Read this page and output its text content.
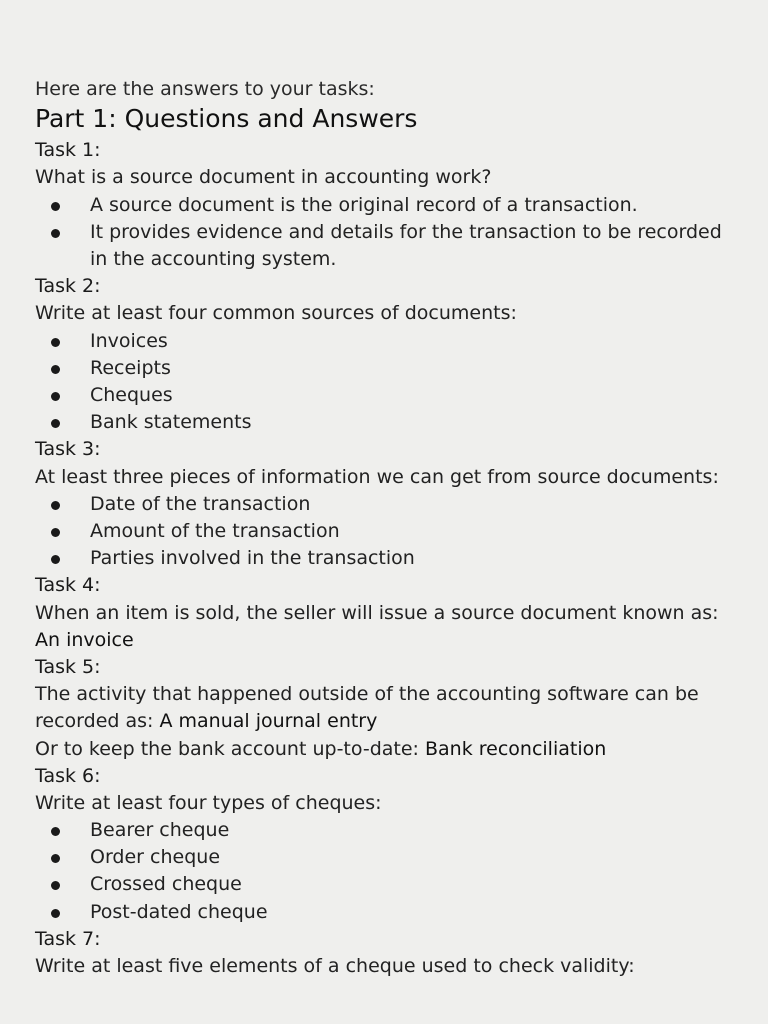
Here are the answers to your tasks:

Part 1: Questions and Answers

Task 1:

What is a source document in accounting work?

A source document is the original record of a transaction.
It provides evidence and details for the transaction to be recorded in the accounting system.

Task 2:

Write at least four common sources of documents:

Invoices
Receipts
Cheques
Bank statements

Task 3:

At least three pieces of information we can get from source documents:

Date of the transaction
Amount of the transaction
Parties involved in the transaction

Task 4:

When an item is sold, the seller will issue a source document known as:

An invoice

Task 5:

The activity that happened outside of the accounting software can be recorded as: A manual journal entry

Or to keep the bank account up-to-date: Bank reconciliation

Task 6:

Write at least four types of cheques:

Bearer cheque
Order cheque
Crossed cheque
Post-dated cheque

Task 7:

Write at least five elements of a cheque used to check validity:
